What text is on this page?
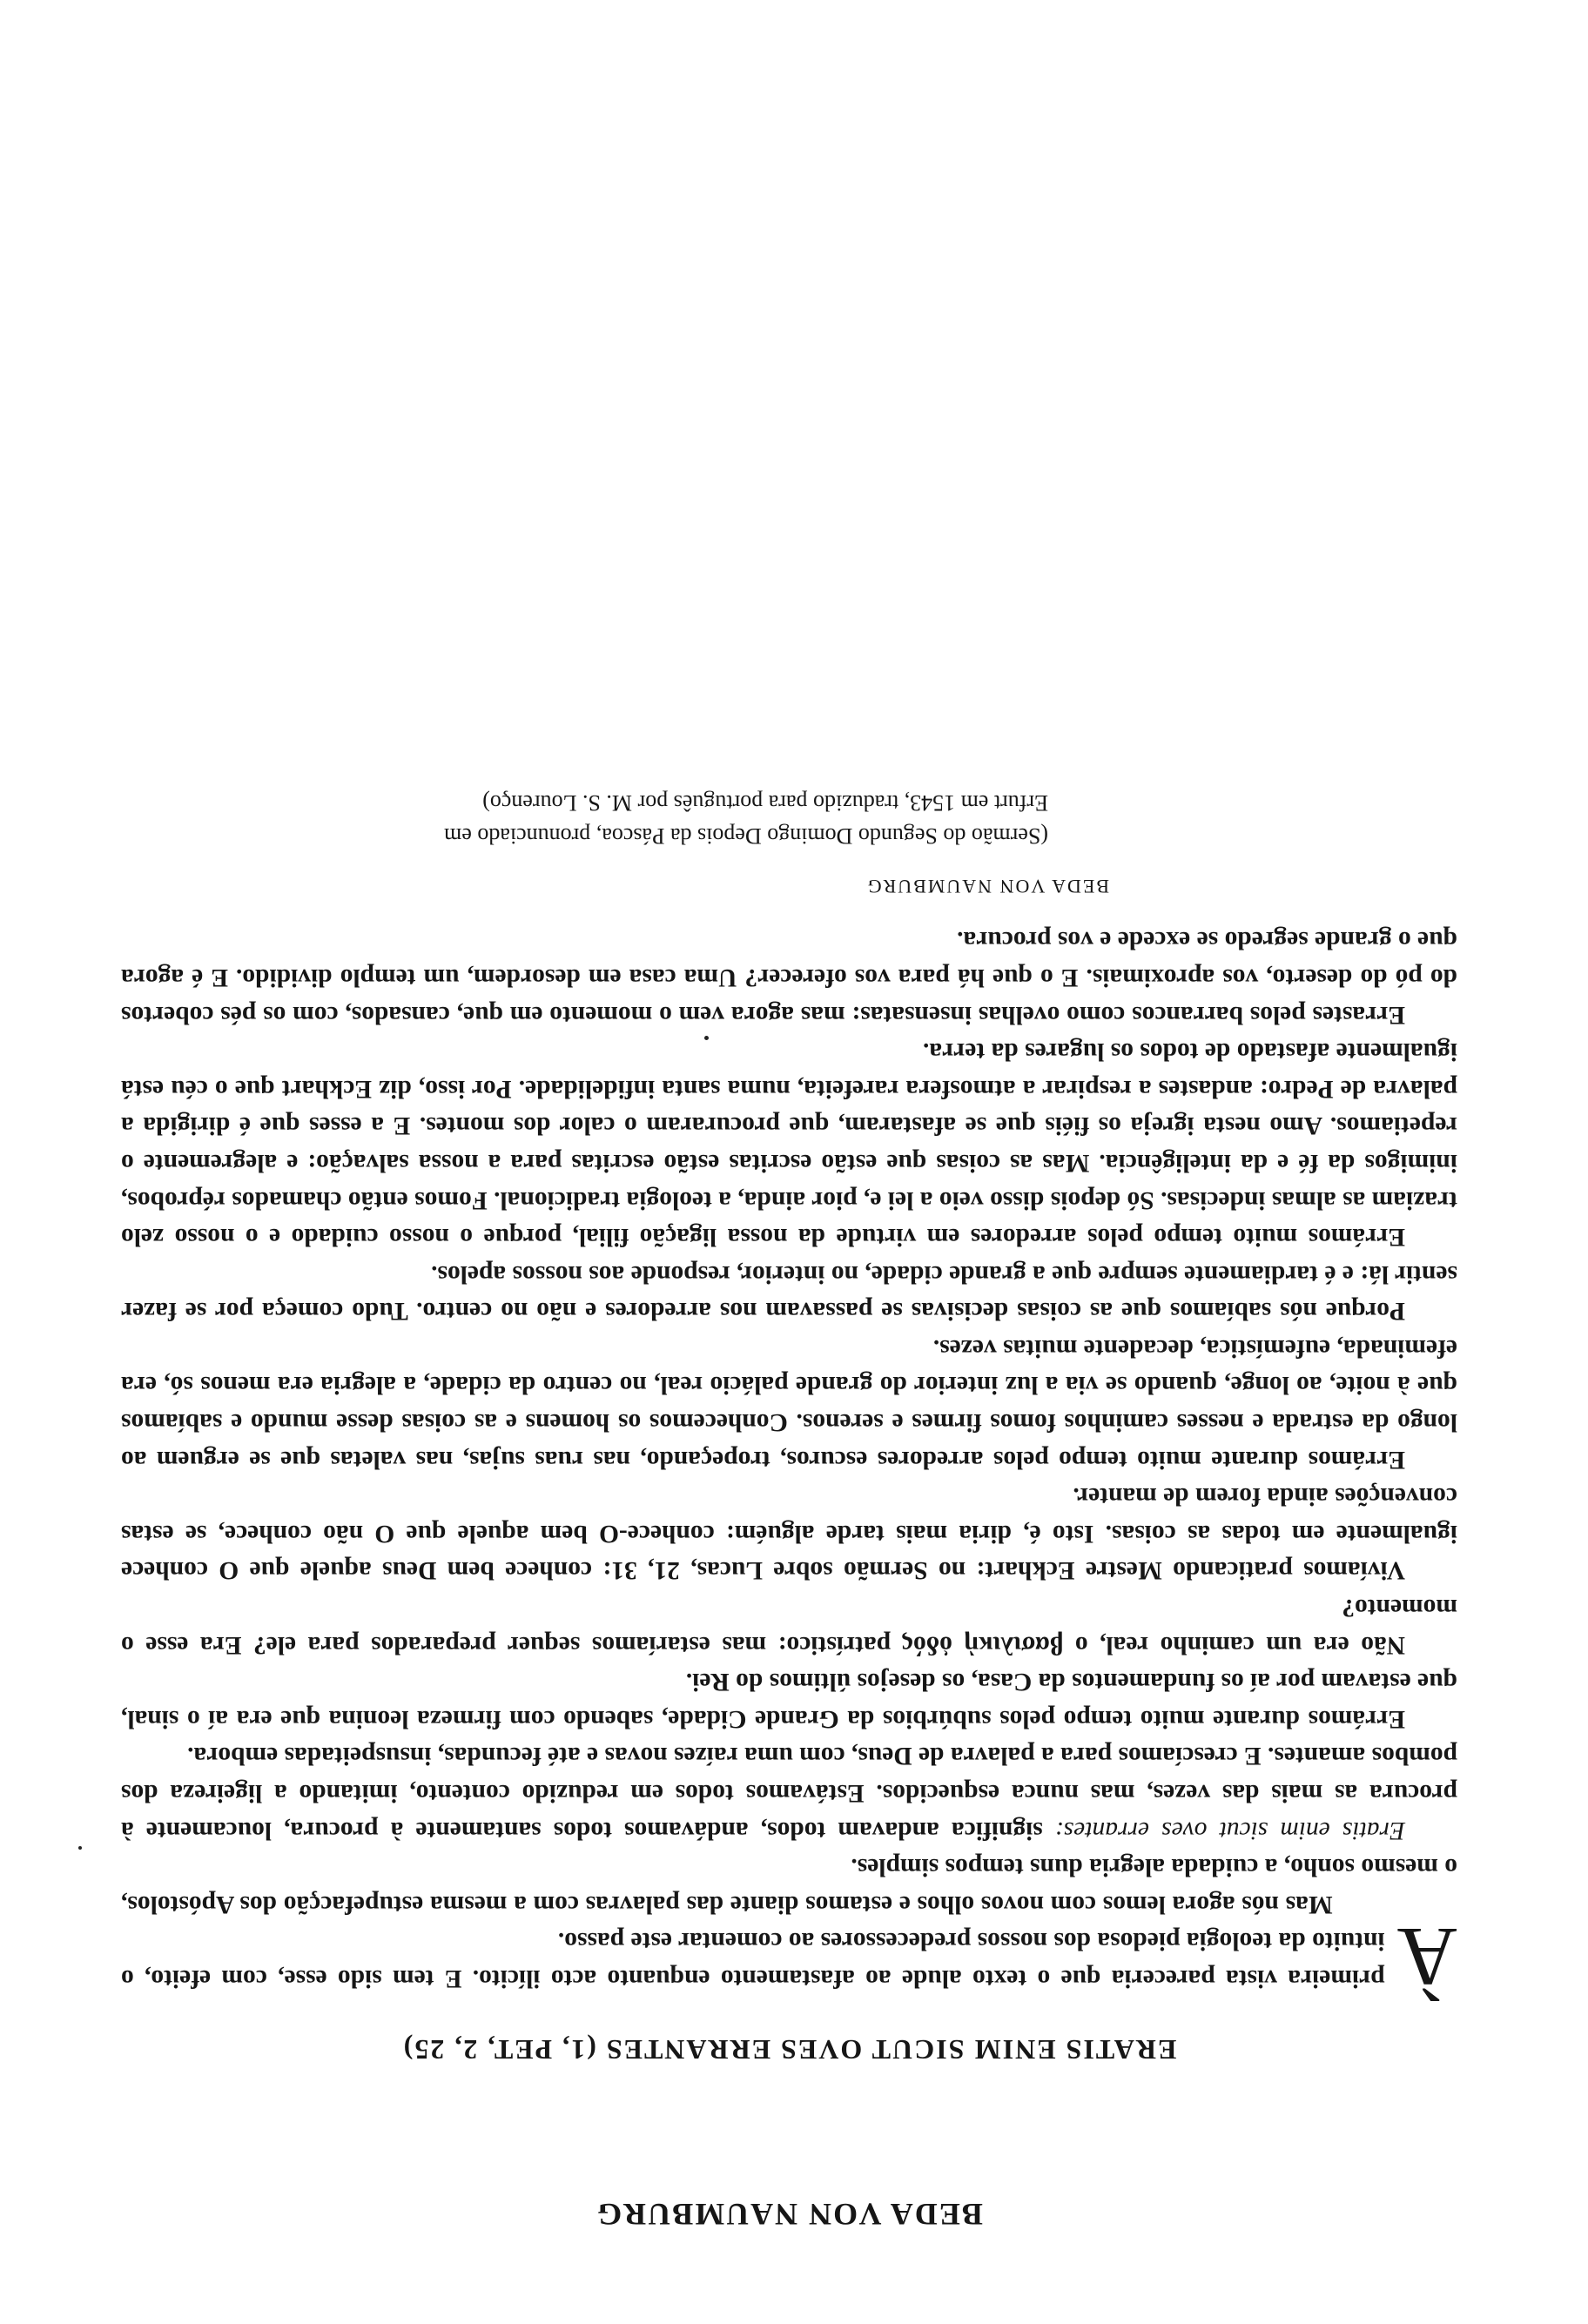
BEDA VON NAUMBURG
ERATIS ENIM SICUT OVES ERRANTES (1, PET, 2, 25)

À
primeira vista pareceria que o texto alude ao afastamento enquanto acto ilícito. E tem sido esse, com efeito, o intuito da teologia piedosa dos nossos predecessores ao comentar este passo.

Mas nós agora lemos com novos olhos e estamos diante das palavras com a mesma estupefacção dos Apóstolos, o mesmo sonho, a cuidada alegria duns tempos simples.

Eratis enim sicut oves errantes: significa andavam todos, andávamos todos santamente à procura, loucamente à procura as mais das vezes, mas nunca esquecidos. Estávamos todos em reduzido contento, imitando a ligeireza dos pombos amantes. E crescíamos para a palavra de Deus, com uma raízes novas e até fecundas, insuspeitadas embora.

Errámos durante muito tempo pelos subúrbios da Grande Cidade, sabendo com firmeza leonina que era aí o sinal, que estavam por aí os fundamentos da Casa, os desejos últimos do Rei.

Não era um caminho real, o βασιλικὴ ὁδός patrístico: mas estaríamos sequer preparados para ele? Era esse o momento?

Vivíamos praticando Mestre Eckhart: no Sermão sobre Lucas, 21, 31: conhece bem Deus aquele que O conhece igualmente em todas as coisas. Isto é, diria mais tarde alguém: conhece-O bem aquele que O não conhece, se estas convenções ainda forem de manter.

Errámos durante muito tempo pelos arredores escuros, tropeçando, nas ruas sujas, nas valetas que se erguem ao longo da estrada e nesses caminhos fomos firmes e serenos. Conhecemos os homens e as coisas desse mundo e sabíamos que à noite, ao longe, quando se via a luz interior do grande palácio real, no centro da cidade, a alegria era menos só, era efeminada, eufemística, decadente muitas vezes.

Porque nós sabíamos que as coisas decisivas se passavam nos arredores e não no centro. Tudo começa por se fazer sentir lá: e é tardiamente sempre que a grande cidade, no interior, responde aos nossos apelos.

Errámos muito tempo pelos arredores em virtude da nossa ligação filial, porque o nosso cuidado e o nosso zelo traziam as almas indecisas. Só depois disso veio a lei e, pior ainda, a teologia tradicional. Fomos então chamados réprobos, inimigos da fé e da inteligência. Mas as coisas que estão escritas estão escritas para a nossa salvação: e alegremente o repetiamos. Amo nesta igreja os fiéis que se afastaram, que procuraram o calor dos montes. E a esses que é dirigida a palavra de Pedro: andastes a respirar a atmosfera rarefeita, numa santa infidelidade. Por isso, diz Eckhart que o céu está igualmente afastado de todos os lugares da terra.

Errastes pelos barrancos como ovelhas insensatas: mas agora vem o momento em que, cansados, com os pés cobertos do pó do deserto, vos aproximais. E o que há para vos oferecer? Uma casa em desordem, um templo dividido. E é agora que o grande segredo se excede e vos procura.

BEDA VON NAUMBURG
(Sermão do Segundo Domingo Depois da Páscoa, pronunciado em Erfurt em 1543, traduzido para português por M. S. Lourenço)
